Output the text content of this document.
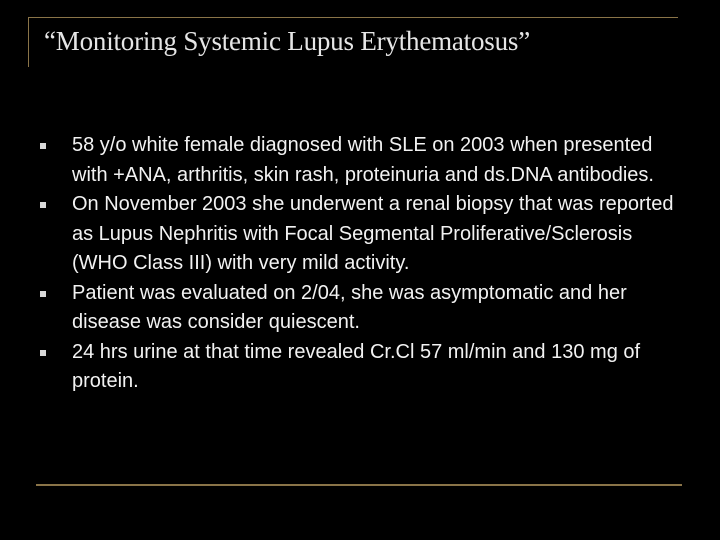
“Monitoring Systemic Lupus Erythematosus”
58 y/o white female diagnosed with SLE on 2003 when presented with +ANA, arthritis, skin rash, proteinuria and ds.DNA antibodies.
On November 2003 she underwent a renal biopsy that was reported as Lupus Nephritis with Focal Segmental Proliferative/Sclerosis (WHO Class III) with very mild activity.
Patient was evaluated on 2/04, she was asymptomatic and her disease was consider quiescent.
24 hrs urine at that time revealed Cr.Cl 57 ml/min and 130 mg of protein.
